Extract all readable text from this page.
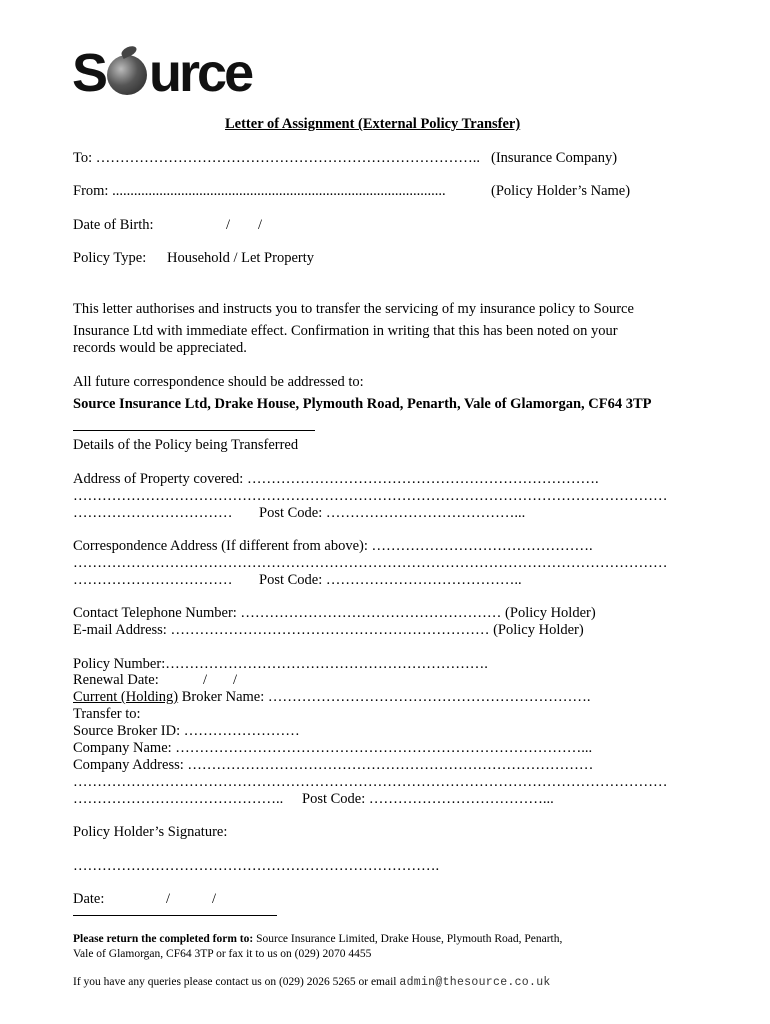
S urce
Letter of Assignment (External Policy Transfer)
To: …………………………………………………………………….. (Insurance Company)
From: ............................................................................................	(Policy Holder’s Name)
Date of Birth:	/ /
Policy Type: Household / Let Property
This letter authorises and instructs you to transfer the servicing of my insurance policy to Source
Insurance Ltd with immediate effect. Confirmation in writing that this has been noted on your
records would be appreciated.
All future correspondence should be addressed to:
Source Insurance Ltd, Drake House, Plymouth Road, Penarth, Vale of Glamorgan, CF64 3TP
Details of the Policy being Transferred
Address of Property covered: ……………………………………………………………….
……………………………………………………………………………………………………………
…………………………… Post Code: …………………………………...
Correspondence Address (If different from above): ……………………………………….
……………………………………………………………………………………………………………
…………………………… Post Code: …………………………………..
Contact Telephone Number: ……………………………………………… (Policy Holder)
E-mail Address: ………………………………………………………… (Policy Holder)
Policy Number:………………………………………………………….
Renewal Date:	/ /
Current (Holding) Broker Name: ………………………………………………………….
Transfer to:
Source Broker ID: ……………………
Company Name: …………………………………………………………………………...
Company Address: …………………………………………………………………………
……………………………………………………………………………………………………………
…………………………………….. Post Code: ………………………………...
Policy Holder’s Signature:
………………………………………………………………….
Date:	/	/
Please return the completed form to: Source Insurance Limited, Drake House, Plymouth Road, Penarth,
Vale of Glamorgan, CF64 3TP or fax it to us on (029) 2070 4455
If you have any queries please contact us on (029) 2026 5265 or email admin@thesource.co.uk
